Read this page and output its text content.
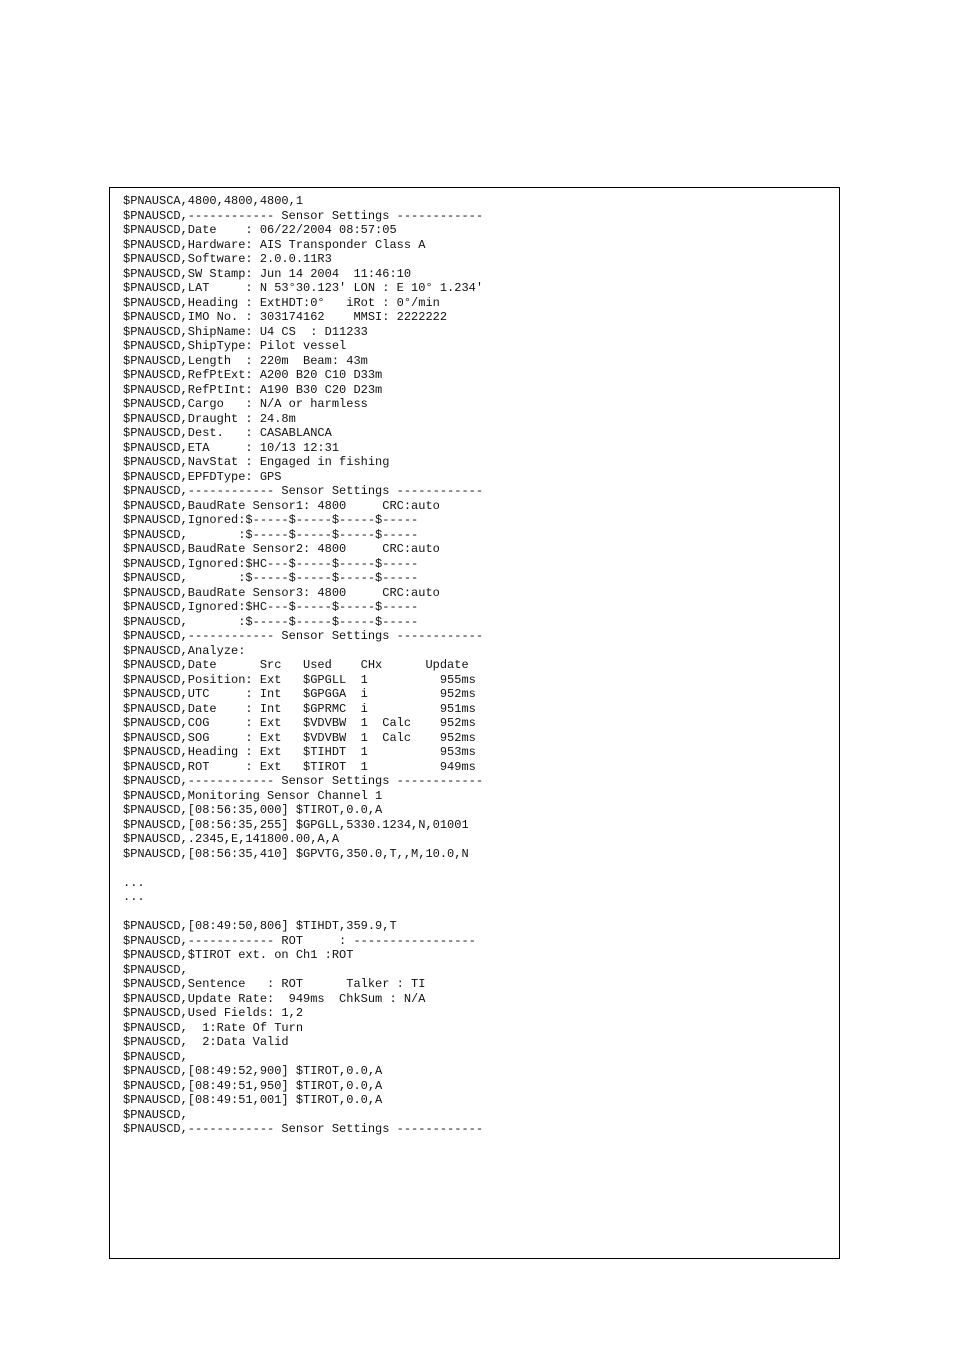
$PNAUSCA,4800,4800,4800,1
$PNAUSCD,------------ Sensor Settings ------------
$PNAUSCD,Date    : 06/22/2004 08:57:05
$PNAUSCD,Hardware: AIS Transponder Class A
$PNAUSCD,Software: 2.0.0.11R3
$PNAUSCD,SW Stamp: Jun 14 2004  11:46:10
$PNAUSCD,LAT     : N 53°30.123' LON : E 10° 1.234'
$PNAUSCD,Heading : ExtHDT:0°   iRot : 0°/min
$PNAUSCD,IMO No. : 303174162    MMSI: 2222222
$PNAUSCD,ShipName: U4 CS  : D11233
$PNAUSCD,ShipType: Pilot vessel
$PNAUSCD,Length  : 220m  Beam: 43m
$PNAUSCD,RefPtExt: A200 B20 C10 D33m
$PNAUSCD,RefPtInt: A190 B30 C20 D23m
$PNAUSCD,Cargo   : N/A or harmless
$PNAUSCD,Draught : 24.8m
$PNAUSCD,Dest.   : CASABLANCA
$PNAUSCD,ETA     : 10/13 12:31
$PNAUSCD,NavStat : Engaged in fishing
$PNAUSCD,EPFDType: GPS
$PNAUSCD,------------ Sensor Settings ------------
$PNAUSCD,BaudRate Sensor1: 4800     CRC:auto
$PNAUSCD,Ignored:$-----$-----$-----$-----
$PNAUSCD,       :$-----$-----$-----$-----
$PNAUSCD,BaudRate Sensor2: 4800     CRC:auto
$PNAUSCD,Ignored:$HC---$-----$-----$-----
$PNAUSCD,       :$-----$-----$-----$-----
$PNAUSCD,BaudRate Sensor3: 4800     CRC:auto
$PNAUSCD,Ignored:$HC---$-----$-----$-----
$PNAUSCD,       :$-----$-----$-----$-----
$PNAUSCD,------------ Sensor Settings ------------
$PNAUSCD,Analyze:
$PNAUSCD,Date      Src   Used    CHx      Update
$PNAUSCD,Position: Ext   $GPGLL  1          955ms
$PNAUSCD,UTC     : Int   $GPGGA  i          952ms
$PNAUSCD,Date    : Int   $GPRMC  i          951ms
$PNAUSCD,COG     : Ext   $VDVBW  1  Calc    952ms
$PNAUSCD,SOG     : Ext   $VDVBW  1  Calc    952ms
$PNAUSCD,Heading : Ext   $TIHDT  1          953ms
$PNAUSCD,ROT     : Ext   $TIROT  1          949ms
$PNAUSCD,------------ Sensor Settings ------------
$PNAUSCD,Monitoring Sensor Channel 1
$PNAUSCD,[08:56:35,000] $TIROT,0.0,A
$PNAUSCD,[08:56:35,255] $GPGLL,5330.1234,N,01001
$PNAUSCD,.2345,E,141800.00,A,A
$PNAUSCD,[08:56:35,410] $GPVTG,350.0,T,,M,10.0,N
...
...
$PNAUSCD,[08:49:50,806] $TIHDT,359.9,T
$PNAUSCD,------------ ROT     : -----------------
$PNAUSCD,$TIROT ext. on Ch1 :ROT
$PNAUSCD,
$PNAUSCD,Sentence   : ROT      Talker : TI
$PNAUSCD,Update Rate:  949ms  ChkSum : N/A
$PNAUSCD,Used Fields: 1,2
$PNAUSCD,  1:Rate Of Turn
$PNAUSCD,  2:Data Valid
$PNAUSCD,
$PNAUSCD,[08:49:52,900] $TIROT,0.0,A
$PNAUSCD,[08:49:51,950] $TIROT,0.0,A
$PNAUSCD,[08:49:51,001] $TIROT,0.0,A
$PNAUSCD,
$PNAUSCD,------------ Sensor Settings ------------
